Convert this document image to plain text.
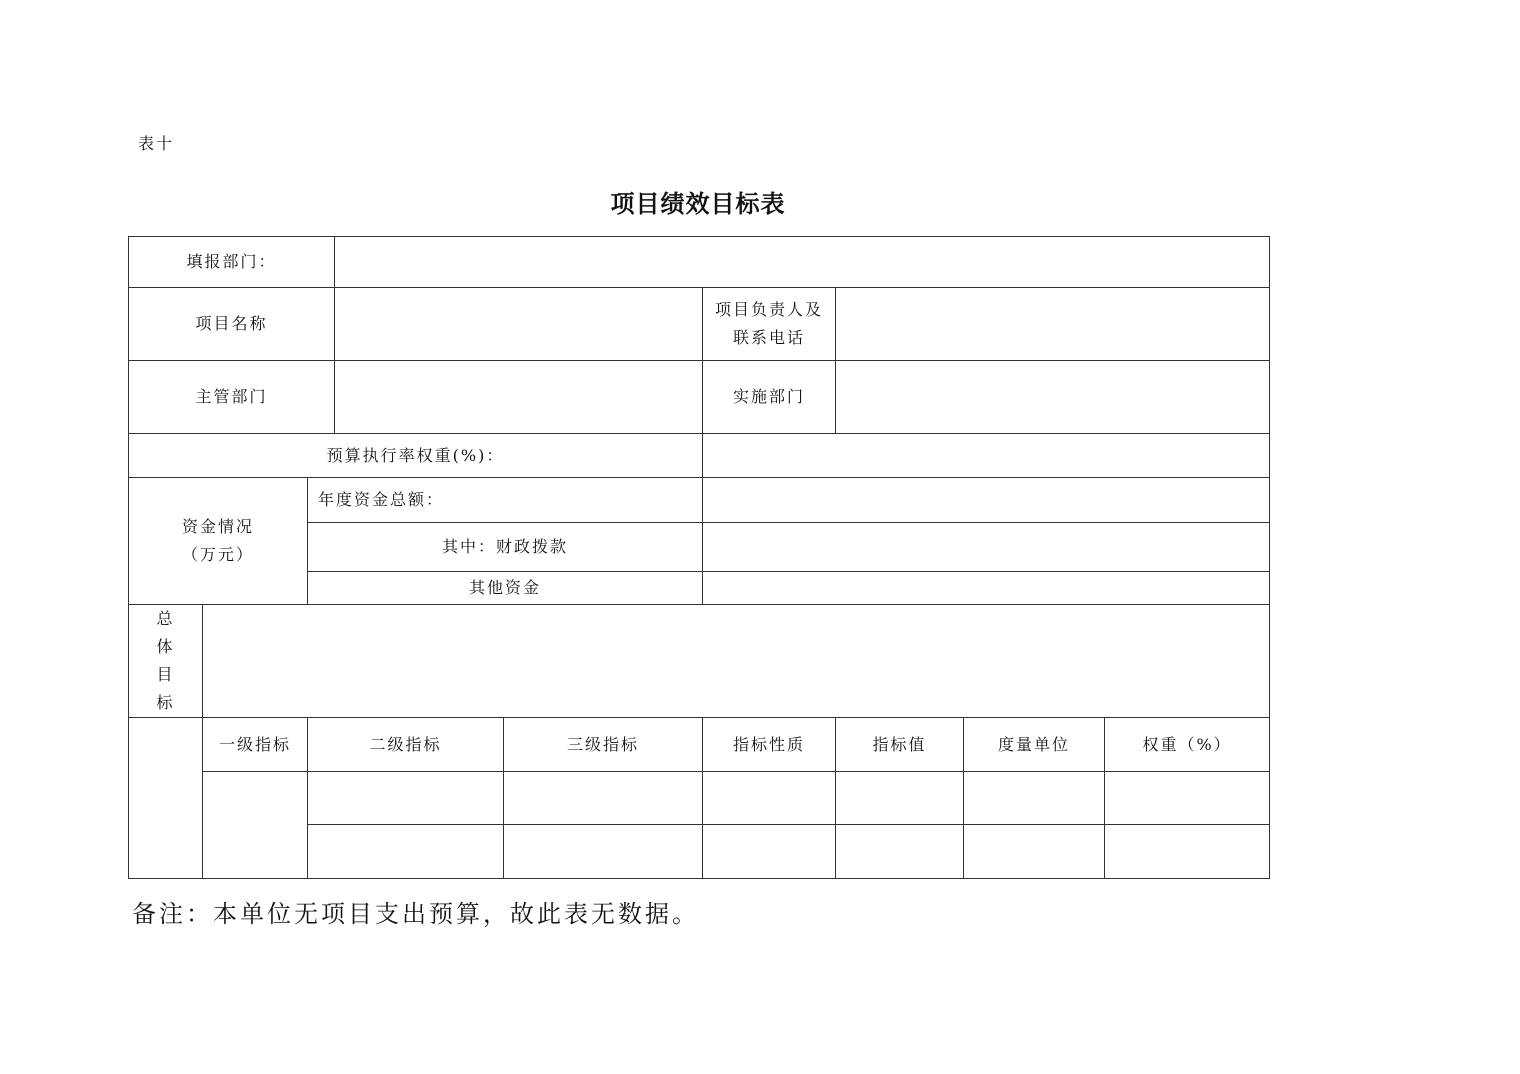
表十
项目绩效目标表
填报部门：								
项目名称					项目负责人及联系电话			
主管部门					实施部门			
预算执行率权重(%)：								

资金情况
（万元）		年度资金总额：						
		其中：财政拨款						
		其他资金						

总
体
目
标								

	一级指标	二级指标		三级指标	指标性质	指标值	度量单位	权重（%）

备注：本单位无项目支出预算，故此表无数据。
